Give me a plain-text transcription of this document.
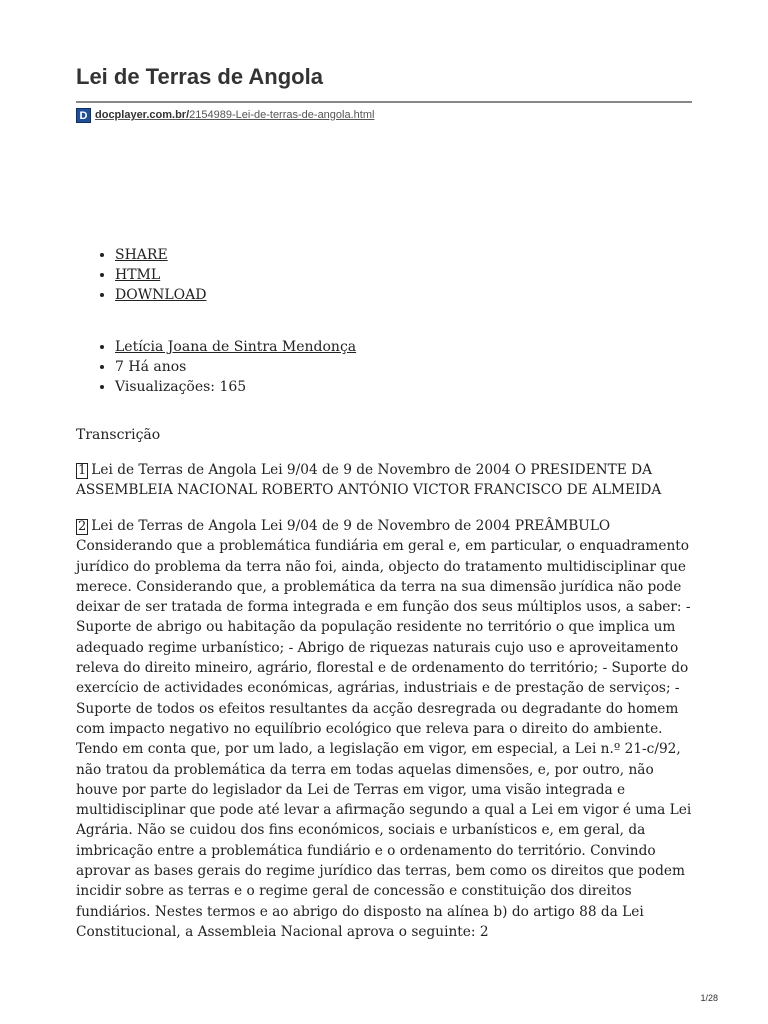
Lei de Terras de Angola
D docplayer.com.br/2154989-Lei-de-terras-de-angola.html
• SHARE
• HTML
• DOWNLOAD
• Letícia Joana de Sintra Mendonça
• 7 Há anos
• Visualizações: 165
Transcrição

1 Lei de Terras de Angola Lei 9/04 de 9 de Novembro de 2004 O PRESIDENTE DA ASSEMBLEIA NACIONAL ROBERTO ANTÓNIO VICTOR FRANCISCO DE ALMEIDA

2 Lei de Terras de Angola Lei 9/04 de 9 de Novembro de 2004 PREÂMBULO Considerando que a problemática fundiária em geral e, em particular, o enquadramento jurídico do problema da terra não foi, ainda, objecto do tratamento multidisciplinar que merece. Considerando que, a problemática da terra na sua dimensão jurídica não pode deixar de ser tratada de forma integrada e em função dos seus múltiplos usos, a saber: - Suporte de abrigo ou habitação da população residente no território o que implica um adequado regime urbanístico; - Abrigo de riquezas naturais cujo uso e aproveitamento releva do direito mineiro, agrário, florestal e de ordenamento do território; - Suporte do exercício de actividades económicas, agrárias, industriais e de prestação de serviços; - Suporte de todos os efeitos resultantes da acção desregrada ou degradante do homem com impacto negativo no equilíbrio ecológico que releva para o direito do ambiente. Tendo em conta que, por um lado, a legislação em vigor, em especial, a Lei n.º 21-c/92, não tratou da problemática da terra em todas aquelas dimensões, e, por outro, não houve por parte do legislador da Lei de Terras em vigor, uma visão integrada e multidisciplinar que pode até levar a afirmação segundo a qual a Lei em vigor é uma Lei Agrária. Não se cuidou dos fins económicos, sociais e urbanísticos e, em geral, da imbricação entre a problemática fundiário e o ordenamento do território. Convindo aprovar as bases gerais do regime jurídico das terras, bem como os direitos que podem incidir sobre as terras e o regime geral de concessão e constituição dos direitos fundiários. Nestes termos e ao abrigo do disposto na alínea b) do artigo 88 da Lei Constitucional, a Assembleia Nacional aprova o seguinte: 2

1/28
